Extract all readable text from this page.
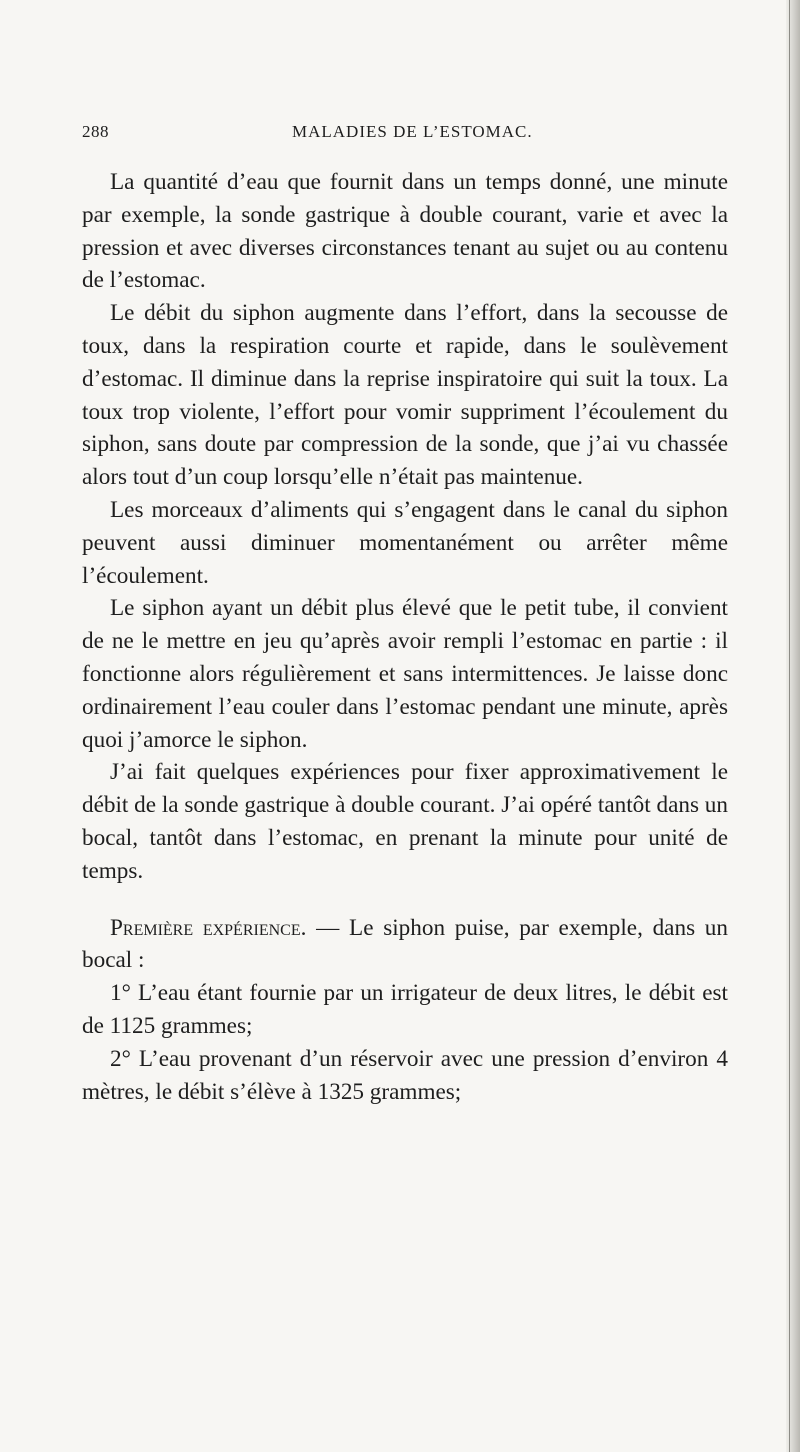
288	MALADIES DE L’ESTOMAC.

La quantité d’eau que fournit dans un temps donné, une minute par exemple, la sonde gastrique à double courant, varie et avec la pression et avec diverses circonstances tenant au sujet ou au contenu de l’estomac.

Le débit du siphon augmente dans l’effort, dans la secousse de toux, dans la respiration courte et rapide, dans le soulèvement d’estomac. Il diminue dans la reprise inspiratoire qui suit la toux. La toux trop violente, l’effort pour vomir suppriment l’écoulement du siphon, sans doute par compression de la sonde, que j’ai vu chassée alors tout d’un coup lorsqu’elle n’était pas maintenue.

Les morceaux d’aliments qui s’engagent dans le canal du siphon peuvent aussi diminuer momentanément ou arrêter même l’écoulement.

Le siphon ayant un débit plus élevé que le petit tube, il convient de ne le mettre en jeu qu’après avoir rempli l’estomac en partie : il fonctionne alors régulièrement et sans intermittences. Je laisse donc ordinairement l’eau couler dans l’estomac pendant une minute, après quoi j’amorce le siphon.

J’ai fait quelques expériences pour fixer approximativement le débit de la sonde gastrique à double courant. J’ai opéré tantôt dans un bocal, tantôt dans l’estomac, en prenant la minute pour unité de temps.

Première expérience. — Le siphon puise, par exemple, dans un bocal :

1° L’eau étant fournie par un irrigateur de deux litres, le débit est de 1125 grammes;

2° L’eau provenant d’un réservoir avec une pression d’environ 4 mètres, le débit s’élève à 1325 grammes;
